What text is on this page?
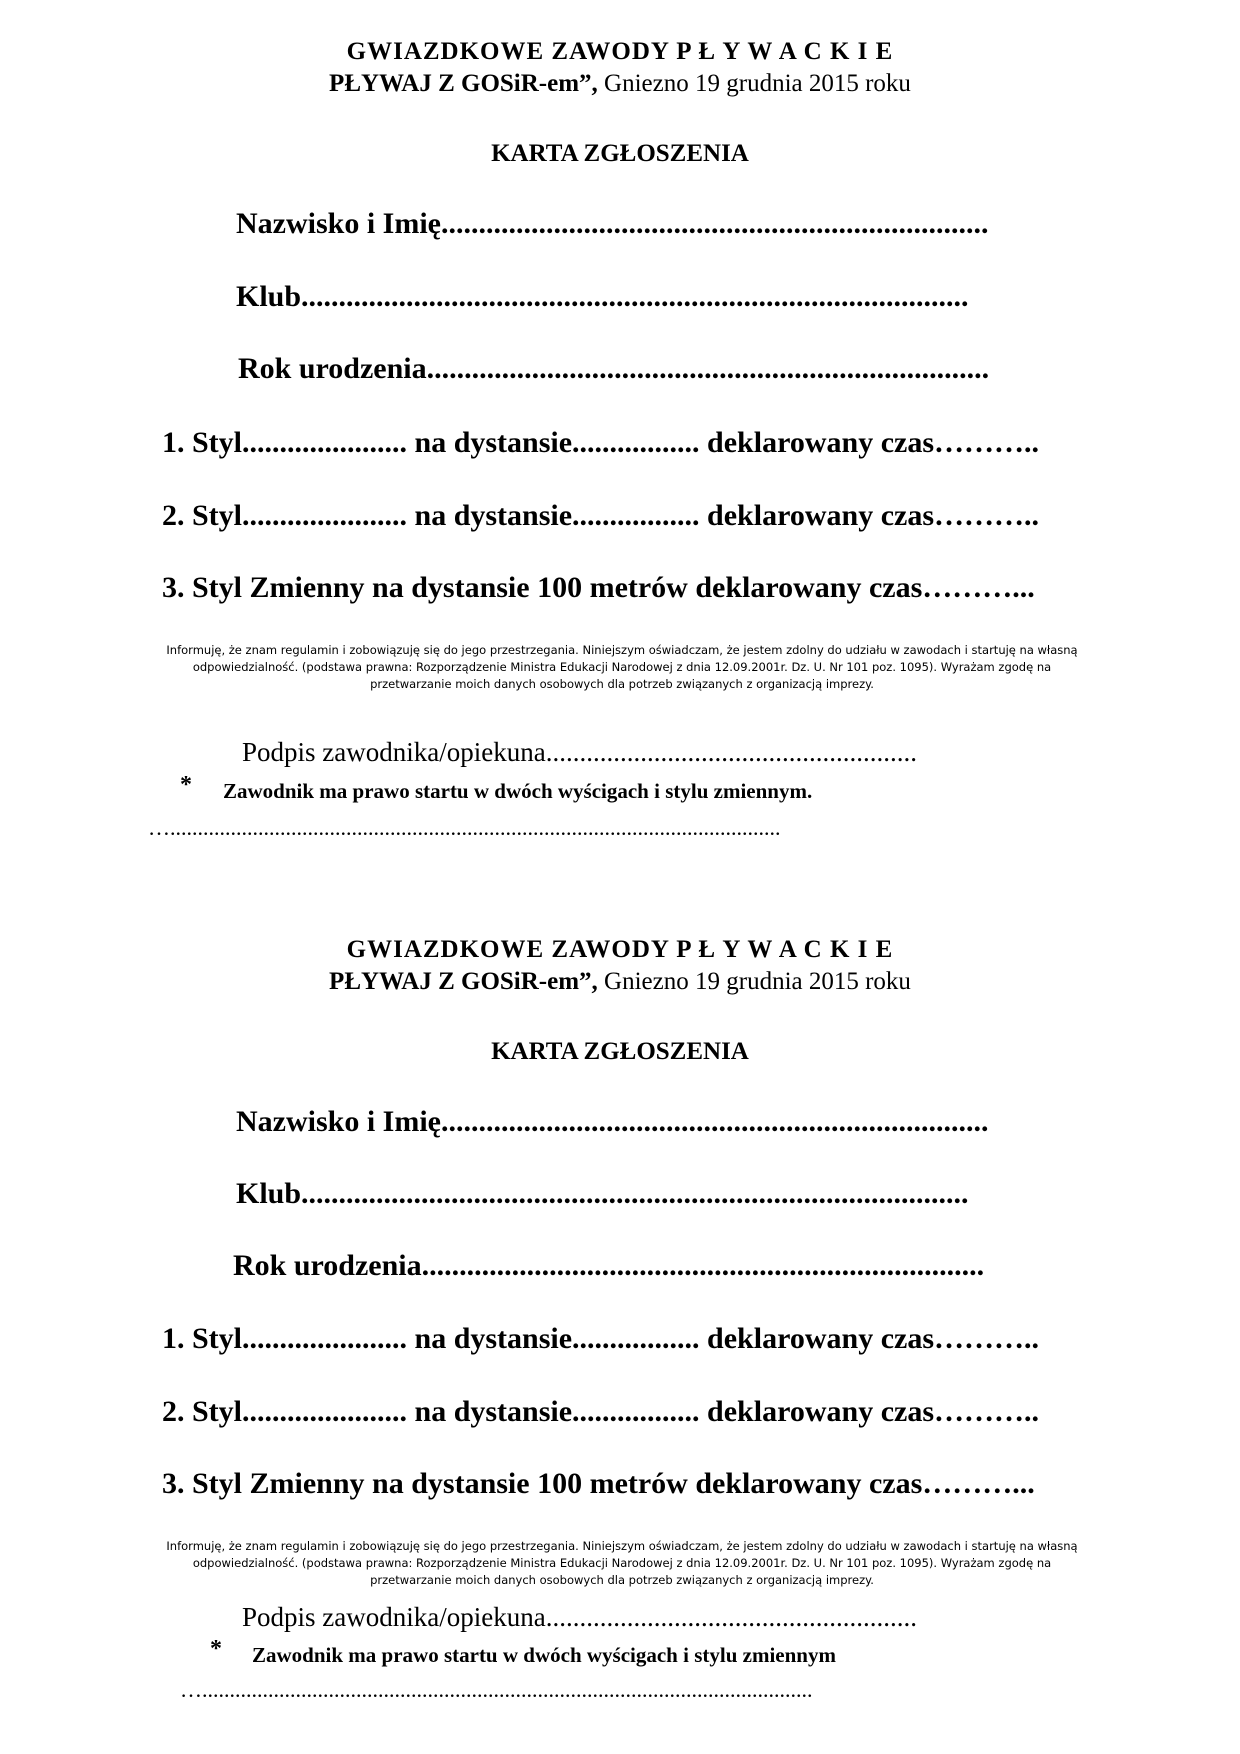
GWIAZDKOWE ZAWODY P Ł Y W A C K I E
PŁYWAJ Z GOSiR-em”, Gniezno 19 grudnia 2015 roku
KARTA ZGŁOSZENIA
Nazwisko i Imię.........................................................................
Klub.........................................................................................
Rok urodzenia...........................................................................
1. Styl...................... na dystansie................. deklarowany czas………..
2. Styl...................... na dystansie................. deklarowany czas………..
3. Styl Zmienny na dystansie 100 metrów deklarowany czas………...
Informuję, że znam regulamin i zobowiązuję się do jego przestrzegania. Niniejszym oświadczam, że jestem zdolny do udziału w zawodach i startuję na własną odpowiedzialność. (podstawa prawna: Rozporządzenie Ministra Edukacji Narodowej z dnia 12.09.2001r. Dz. U. Nr 101 poz. 1095). Wyrażam zgodę na przetwarzanie moich danych osobowych dla potrzeb związanych z organizacją imprezy.
Podpis zawodnika/opiekuna.......................................................
* Zawodnik ma prawo startu w dwóch wyścigach i stylu zmiennym.
…...............................................................................................................
GWIAZDKOWE ZAWODY P Ł Y W A C K I E
PŁYWAJ Z GOSiR-em”, Gniezno 19 grudnia 2015 roku
KARTA ZGŁOSZENIA
Nazwisko i Imię.........................................................................
Klub.........................................................................................
Rok urodzenia...........................................................................
1. Styl...................... na dystansie................. deklarowany czas………..
2. Styl...................... na dystansie................. deklarowany czas………..
3. Styl Zmienny na dystansie 100 metrów deklarowany czas………...
Informuję, że znam regulamin i zobowiązuję się do jego przestrzegania. Niniejszym oświadczam, że jestem zdolny do udziału w zawodach i startuję na własną odpowiedzialność. (podstawa prawna: Rozporządzenie Ministra Edukacji Narodowej z dnia 12.09.2001r. Dz. U. Nr 101 poz. 1095). Wyrażam zgodę na przetwarzanie moich danych osobowych dla potrzeb związanych z organizacją imprezy.
Podpis zawodnika/opiekuna.......................................................
* Zawodnik ma prawo startu w dwóch wyścigach i stylu zmiennym
…...............................................................................................................
